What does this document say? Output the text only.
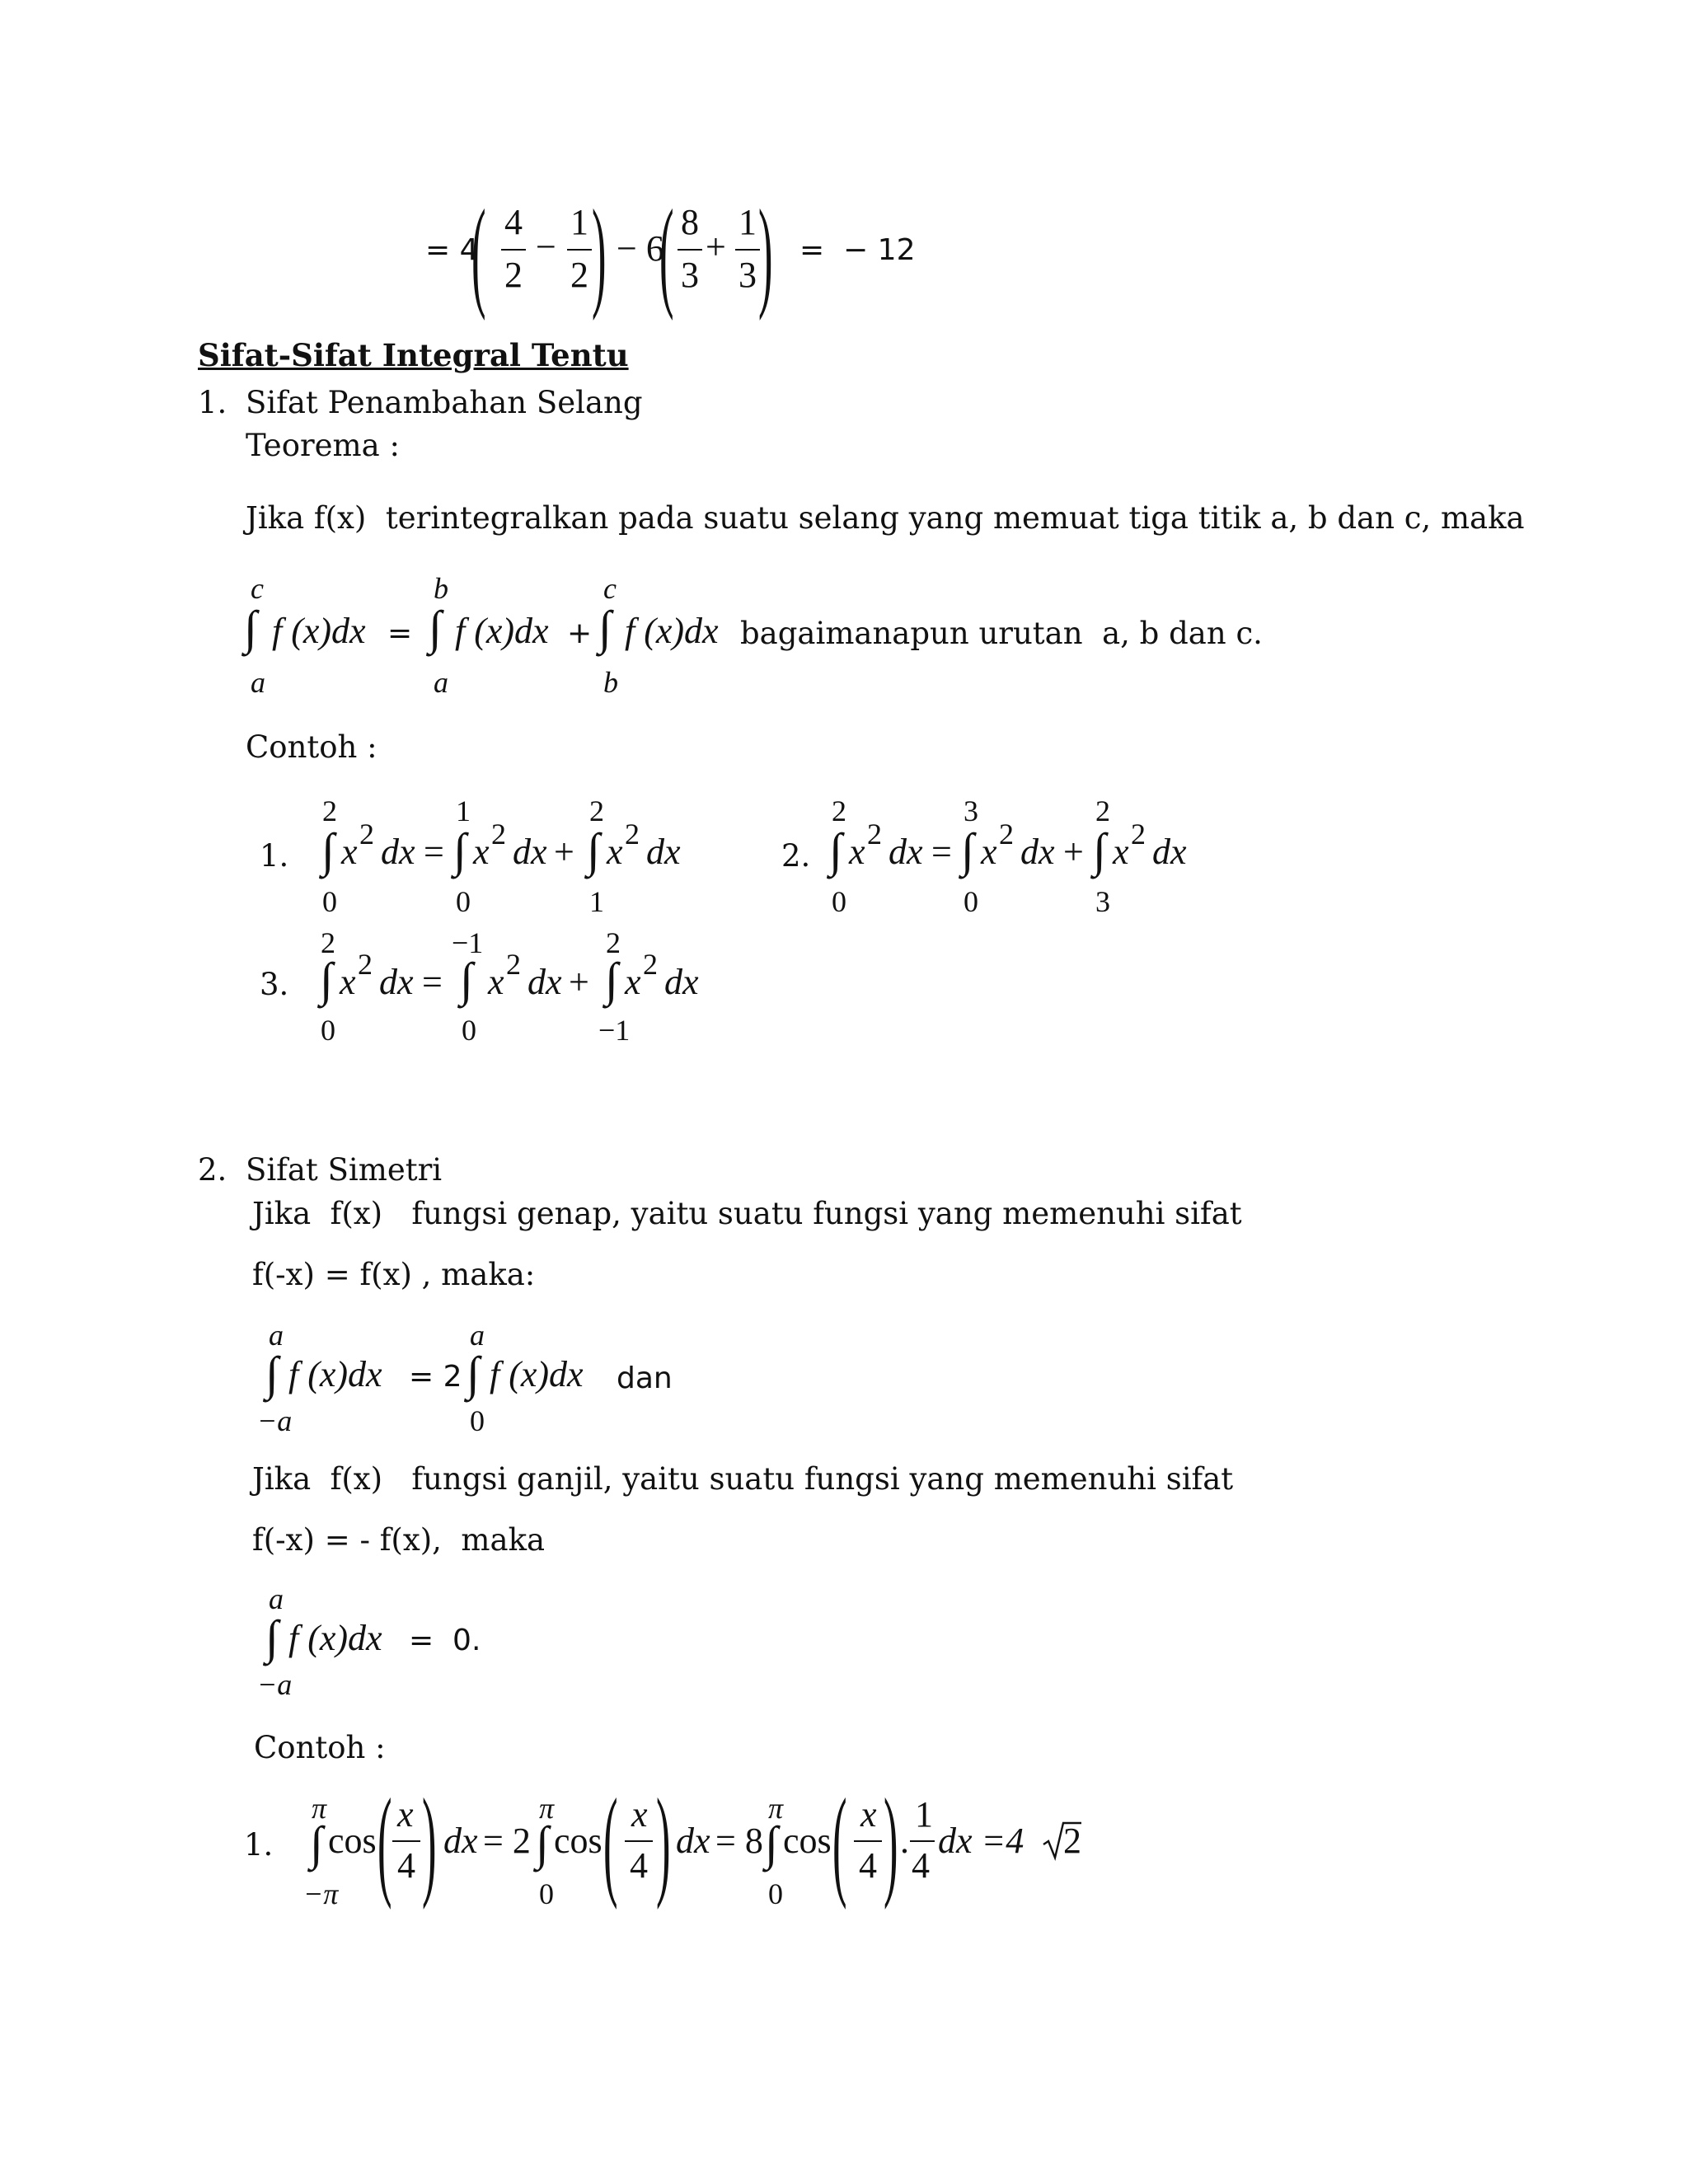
= 4
( 4
2
−
1
2 ) − 6
( 8
3
+
1
3 ) =  − 12
Sifat-Sifat Integral Tentu
1. Sifat Penambahan Selang
Teorema :
Jika f(x)  terintegralkan pada suatu selang yang memuat tiga titik a, b dan c, maka
c
∫
a
f (x)dx =
b
∫
a
f (x)dx +
c
∫
b
f (x)dx bagaimanapun urutan  a, b dan c.
Contoh :
1.
2
∫
0
x 2 dx =
1
∫
0
x 2 dx +
2
∫
1
x 2 dx	2.
2
∫
0
x 2 dx =
3
∫
0
x 2 dx +
2
∫
3
x 2 dx
3.
2
∫
0
x 2 dx =
−1
∫
0
x 2 dx +
2
∫
−1
x 2 dx
2. Sifat Simetri
Jika  f(x)   fungsi genap, yaitu suatu fungsi yang memenuhi sifat
f(-x) = f(x) , maka:
a
∫
−a
f (x)dx = 2
a
∫
0
f (x)dx dan
Jika  f(x)   fungsi ganjil, yaitu suatu fungsi yang memenuhi sifat
f(-x) = - f(x),  maka
a
∫
−a
f (x)dx =  0.
Contoh :
1.
π
∫
−π
cos ( x
4 ) dx = 2
π
∫
0
cos ( x
4 ) dx = 8
π
∫
0
cos ( x
4 ) .
1
4
dx =4 2
